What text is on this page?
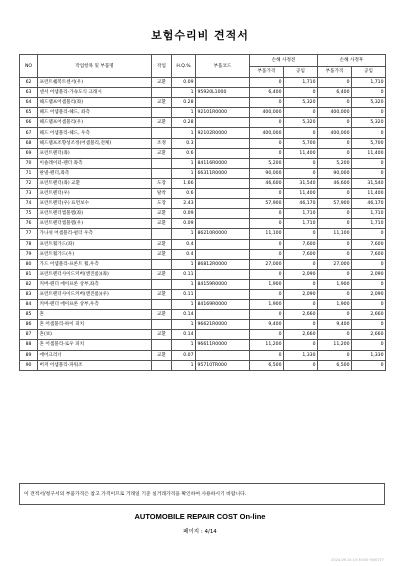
보험수리비 견적서
NO	작업항목 및 부품명	작업	H.Q.%	부품코드	손해 사정전		손해 사정후	
					부품가격	공임	부품가격	공임
62	프런트쉘복트센서(우)	교환	0.09		0	1,710	0	1,710
63	센서 어셈블리-가속도식 크래시		1	95920L1000	6,400	0	6,400	0
64	헤드램프어셈블리(좌)	교환	0.28		0	5,320	0	5,320
65	헤드 어셈블리-헤드, 좌측		1	92101R0000	400,000	0	400,000	0
66	헤드램프어셈블리(우)	교환	0.28		0	5,320	0	5,320
67	헤드 어셈블리-헤드, 우측		1	92102R0000	400,000	0	400,000	0
68	헤드램프조향성조정(어셈블리,전체)	조정	0.3		0	5,700	0	5,700
69	프런트펜더(좌)	교환	0.6		0	11,400	0	11,400
70	이숄레이터-펜더 좌측		1	84116R0000	5,200	0	5,200	0
71	판넬-펜더,좌측		1	66311R0000	90,000	0	90,000	0
72	프런트펜더(좌) 교환	도장	1.66		46,600	31,540	46,600	31,540
73	프런트펜더(우)	탈착	0.6		0	11,400	0	11,400
74	프런트펜더(우) 표면보수	도장	2.43		57,900	46,170	57,900	46,170
75	프런트펜더엠블렘(좌)	교환	0.09		0	1,710	0	1,710
76	프런트펜더엠블렘(우)	교환	0.09		0	1,710	0	1,710
77	가니쉬 어셈블리-펼더 우측		1	86210R0000	11,100	0	11,100	0
78	프런트휠가드(좌)	교환	0.4		0	7,600	0	7,600
79	프런트휠가드(우)	교환	0.4		0	7,600	0	7,600
80	가드 어셈블리-프론트 휠,우측		1	86812R0000	27,000	0	27,000	0
81	프런트펜더사이드커버(앤진룸)(좌)	교환	0.11		0	2,090	0	2,090
82	커버-펜더 에이프론 상부,좌측		1	84159R0000	1,900	0	1,900	0
83	프런트펜더사이드커버(앤진룸)(우)	교환	0.11		0	2,090	0	2,090
84	커버-펜더 에이프론 상부,우측		1	84169R0000	1,900	0	1,900	0
85	혼	교환	0.14		0	2,660	0	2,660
86	혼 어셈블리-하이 피치		1	96621R0000	9,400	0	9,400	0
87	혼(보)	교환	0.14		0	2,660	0	2,660
88	혼 어셈블리-로우 피치		1	96611R0000	11,200	0	11,200	0
89	에어크리너	교환	0.07		0	1,330	0	1,330
90	버저 어셈블리-파워조		1	95710TR000	6,500	0	6,500	0
이 견적서/청구서의 부품가격은 참고 가격이므로 거래일 기준 실거래가격을 확인하여 사용하시기 바랍니다.
AUTOMOBILE REPAIR COST On-line
페이지 : 4/14
2024-09-15 15:30:00 9/00777
